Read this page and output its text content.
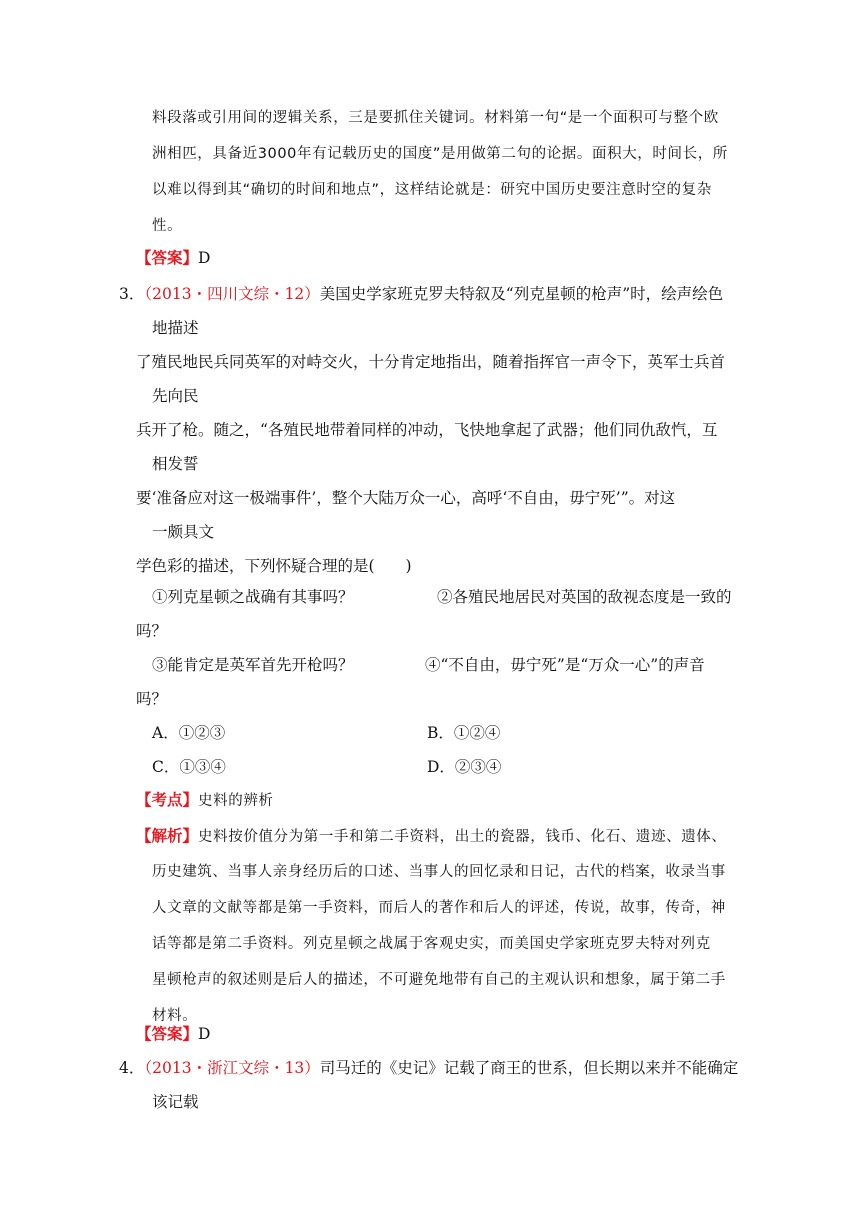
料段落或引用间的逻辑关系，三是要抓住关键词。材料第一句“是一个面积可与整个欧
洲相匹，具备近3000年有记载历史的国度”是用做第二句的论据。面积大，时间长，所
以难以得到其“确切的时间和地点”，这样结论就是：研究中国历史要注意时空的复杂
性。
【答案】D
3．（2013・四川文综・12）美国史学家班克罗夫特叙及“列克星顿的枪声”时，绘声绘色
地描述
了殖民地民兵同英军的对峙交火，十分肯定地指出，随着指挥官一声令下，英军士兵首
先向民
兵开了枪。随之，“各殖民地带着同样的冲动，飞快地拿起了武器；他们同仇敌忾，互
相发誓
要‘准备应对这一极端事件’，整个大陆万众一心，高呼‘不自由，毋宁死’”。对这
一颇具文
学色彩的描述，下列怀疑合理的是(　　)
①列克星顿之战确有其事吗？	②各殖民地居民对英国的敌视态度是一致的
吗？
③能肯定是英军首先开枪吗？	④“不自由，毋宁死”是“万众一心”的声音
吗？
A．①②③	B．①②④
C．①③④	D．②③④
【考点】史料的辨析
【解析】史料按价值分为第一手和第二手资料，出土的瓷器，钱币、化石、遗迹、遗体、
历史建筑、当事人亲身经历后的口述、当事人的回忆录和日记，古代的档案，收录当事
人文章的文献等都是第一手资料，而后人的著作和后人的评述，传说，故事，传奇，神
话等都是第二手资料。列克星顿之战属于客观史实，而美国史学家班克罗夫特对列克
星顿枪声的叙述则是后人的描述，不可避免地带有自己的主观认识和想象，属于第二手
材料。
【答案】D
4．（2013・浙江文综・13）司马迁的《史记》记载了商王的世系，但长期以来并不能确定
该记载
